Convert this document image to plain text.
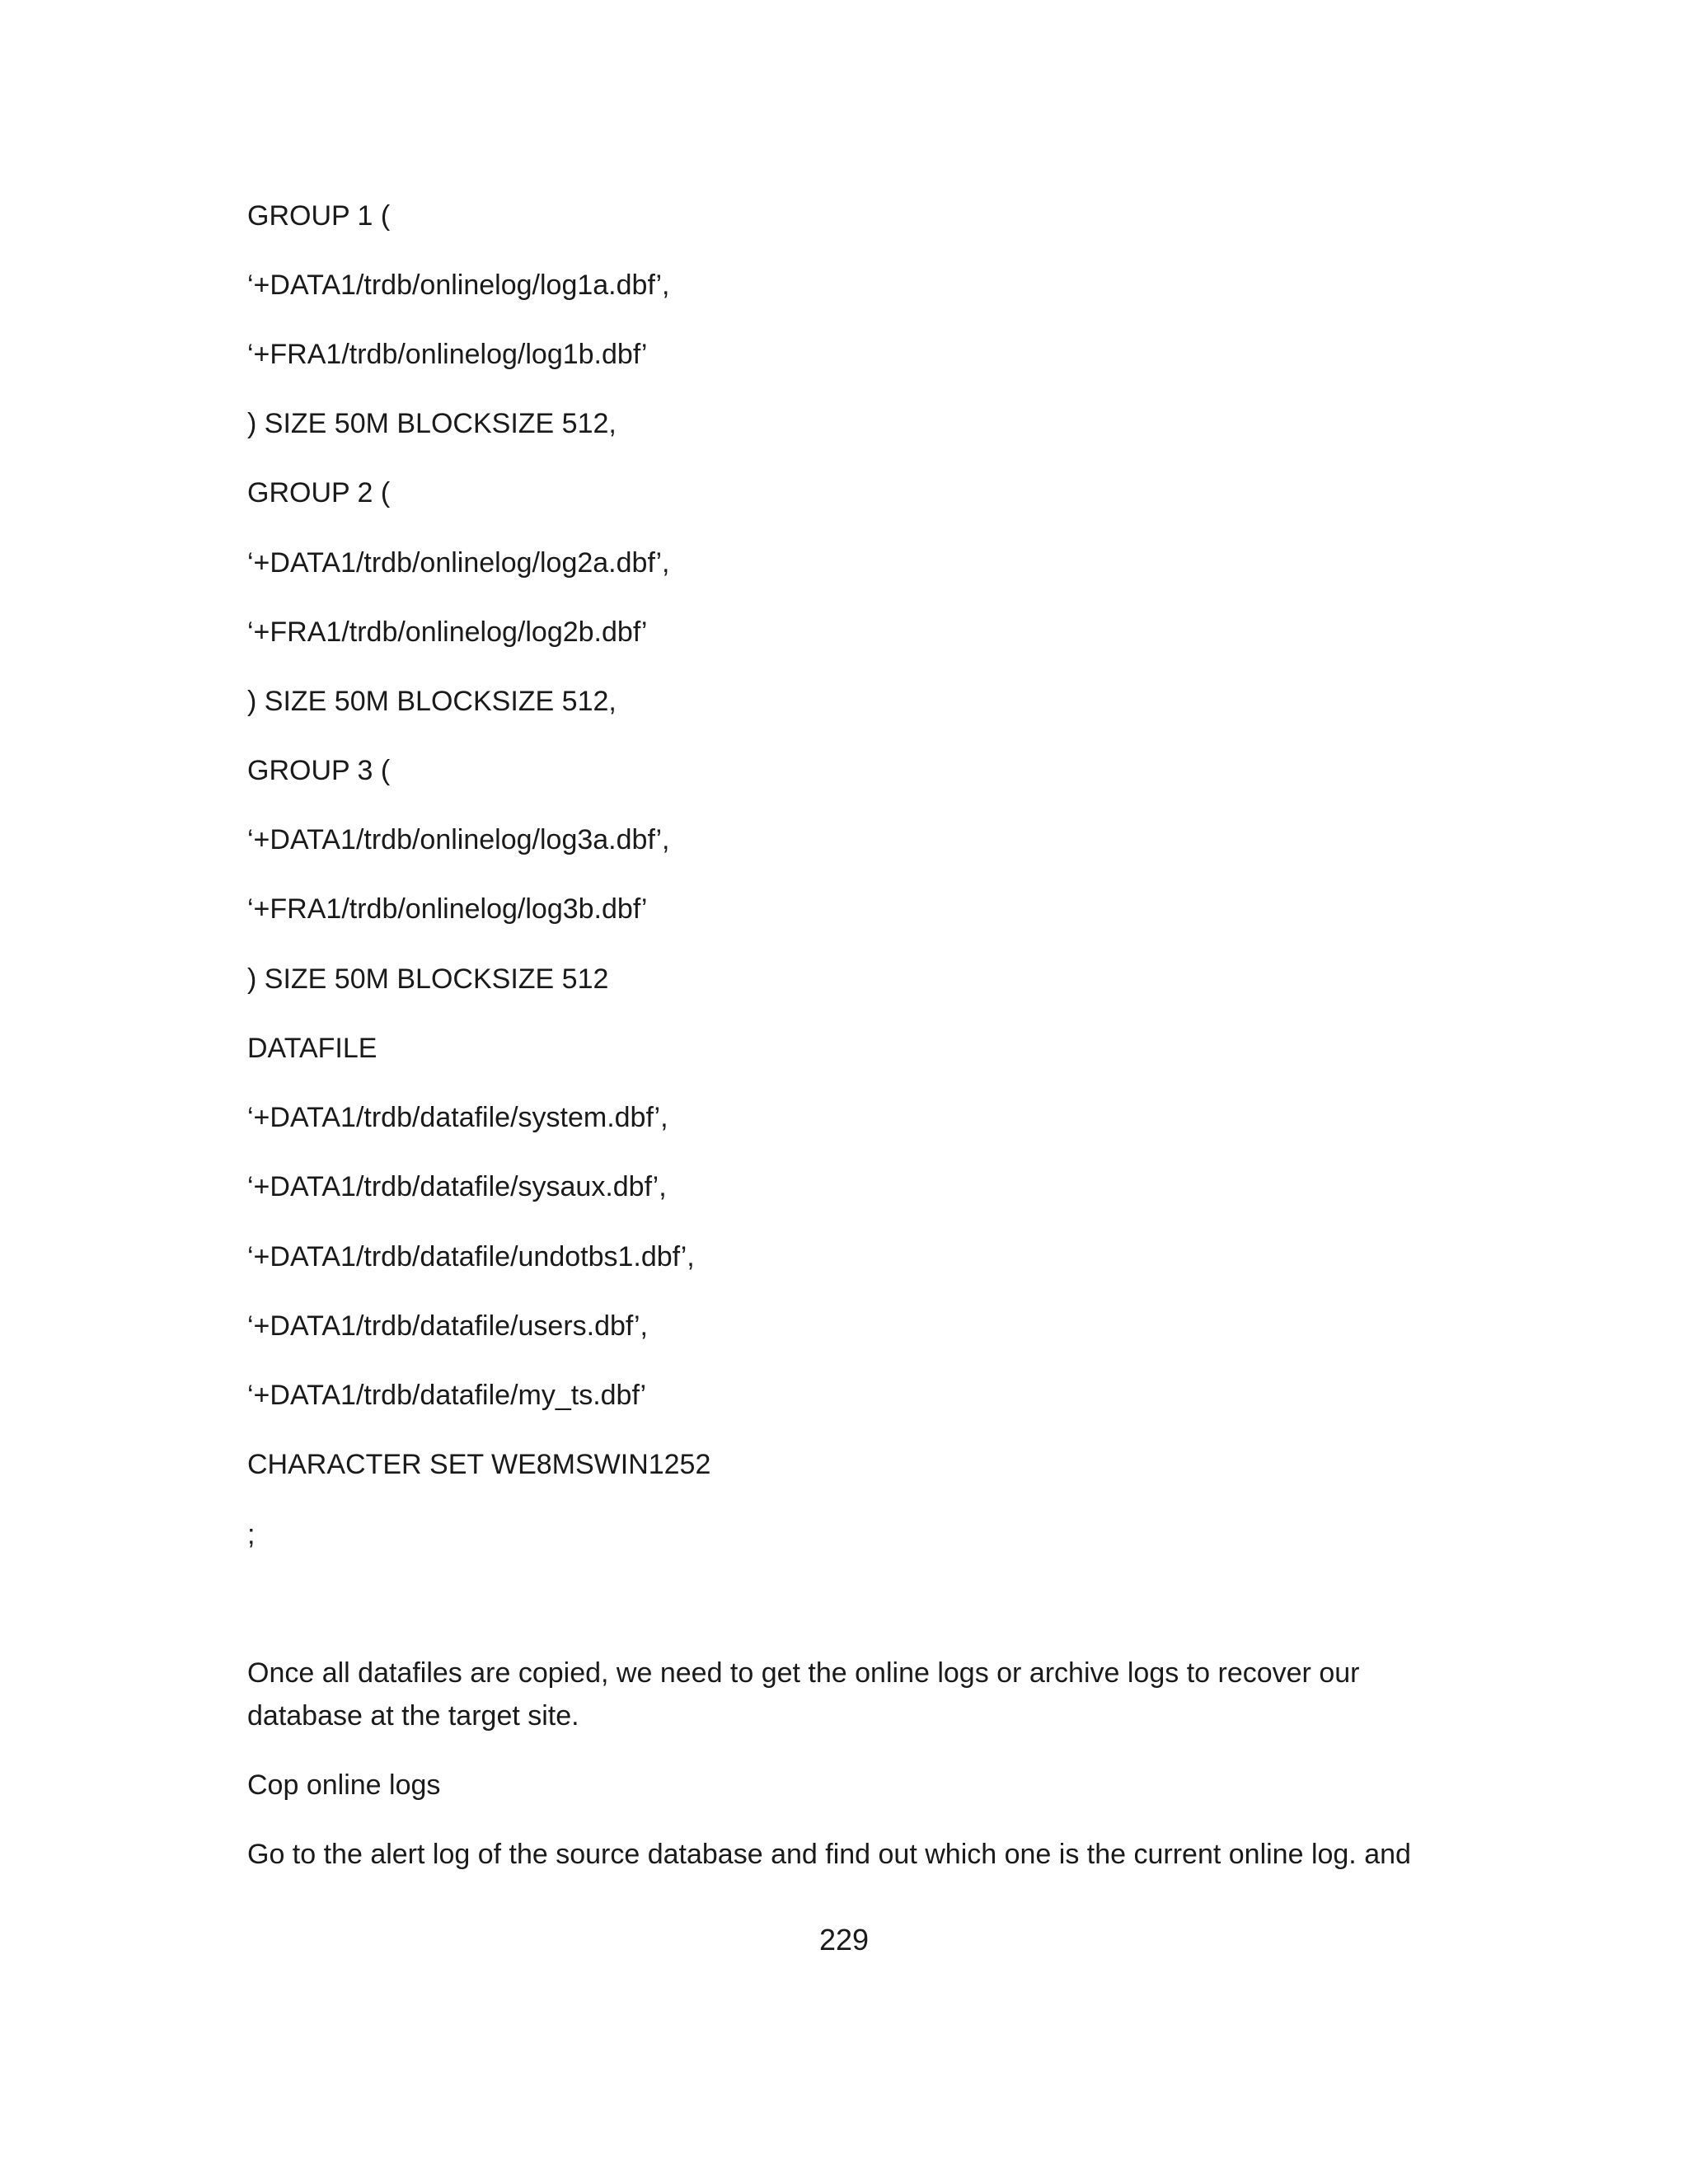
GROUP 1 (
‘+DATA1/trdb/onlinelog/log1a.dbf’,
‘+FRA1/trdb/onlinelog/log1b.dbf’
) SIZE 50M BLOCKSIZE 512,
GROUP 2 (
‘+DATA1/trdb/onlinelog/log2a.dbf’,
‘+FRA1/trdb/onlinelog/log2b.dbf’
) SIZE 50M BLOCKSIZE 512,
GROUP 3 (
‘+DATA1/trdb/onlinelog/log3a.dbf’,
‘+FRA1/trdb/onlinelog/log3b.dbf’
) SIZE 50M BLOCKSIZE 512
DATAFILE
‘+DATA1/trdb/datafile/system.dbf’,
‘+DATA1/trdb/datafile/sysaux.dbf’,
‘+DATA1/trdb/datafile/undotbs1.dbf’,
‘+DATA1/trdb/datafile/users.dbf’,
‘+DATA1/trdb/datafile/my_ts.dbf’
CHARACTER SET WE8MSWIN1252
;

Once all datafiles are copied, we need to get the online logs or archive logs to recover our database at the target site.

Cop online logs

Go to the alert log of the source database and find out which one is the current online log. and

229
